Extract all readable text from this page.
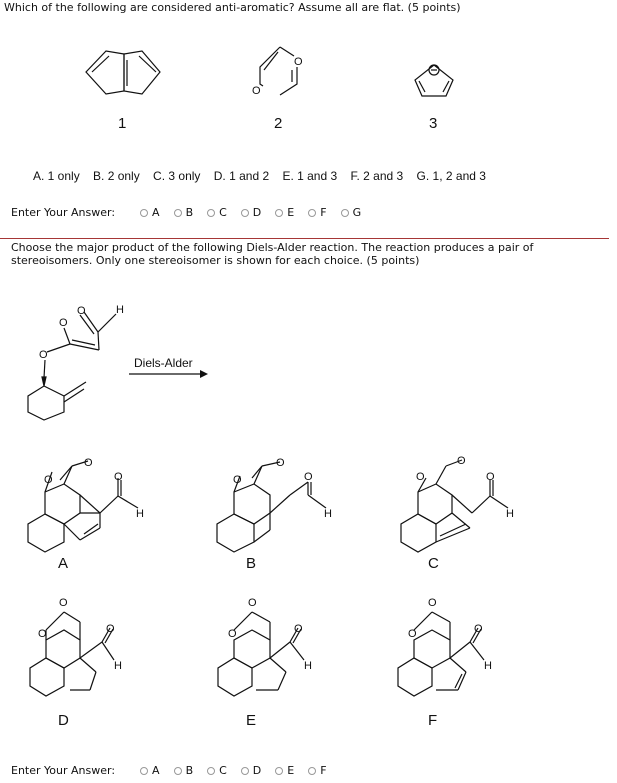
Which of the following are considered anti-aromatic? Assume all are flat. (5 points)
1
O
O
2	3
A. 1 only    B. 2 only    C. 3 only    D. 1 and 2    E. 1 and 3    F. 2 and 3    G. 1, 2 and 3
Enter Your Answer:	A B C D E F G
Choose the major product of the following Diels-Alder reaction. The reaction produces a pair of
stereoisomers. Only one stereoisomer is shown for each choice. (5 points)
O
O
O	H
Diels-Alder
O
O
O
H
O
O
O
H
O
O
O
H
O
O	O
H
O
O	O
H
O
O	O
H
A	B	C
D	E	F
Enter Your Answer:	A B C D E F
